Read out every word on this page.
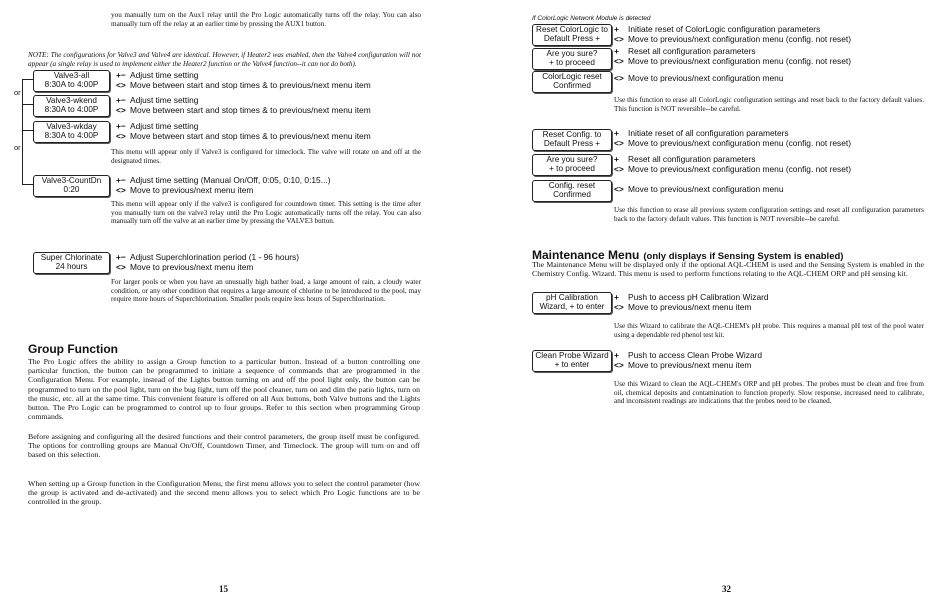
you manually turn on the Aux1 relay until the Pro Logic automatically turns off the relay. You can also manually turn off the relay at an earlier time by pressing the AUX1 button.
NOTE: The configurations for Valve3 and Valve4 are identical. However, if Heater2 was enabled, then the Valve4 configuration will not appear (a single relay is used to implement either the Heater2 function or the Valve4 function--it can not do both).
or
or
Valve3-all
8:30A to 4:00P
+− Adjust time setting
<> Move between start and stop times & to previous/next menu item
Valve3-wkend
8:30A to 4:00P
+− Adjust time setting
<> Move between start and stop times & to previous/next menu item
Valve3-wkday
8:30A to 4:00P
+− Adjust time setting
<> Move between start and stop times & to previous/next menu item
This menu will appear only if Valve3 is configured for timeclock. The valve will rotate on and off at the designated times.
Valve3-CountDn
0:20
+− Adjust time setting (Manual On/Off, 0:05, 0:10, 0:15...)
<> Move to previous/next menu item
This menu will appear only if the valve3 is configured for countdown timer. This setting is the time after you manually turn on the valve3 relay until the Pro Logic automatically turns off the relay. You can also manually turn off the valve at an earlier time by pressing the VALVE3 button.
Super Chlorinate
24 hours
+− Adjust Superchlorination period (1 - 96 hours)
<> Move to previous/next menu item
For larger pools or when you have an unusually high bather load, a large amount of rain, a cloudy water condition, or any other condition that requires a large amount of chlorine to be introduced to the pool, may require more hours of Superchlorination. Smaller pools require less hours of Superchlorination.
Group Function
The Pro Logic offers the ability to assign a Group function to a particular button. Instead of a button controlling one particular function, the button can be programmed to initiate a sequence of commands that are programmed in the Configuration Menu. For example, instead of the Lights button turning on and off the pool light only, the button can be programmed to turn on the pool light, turn on the bug light, turn off the pool cleaner, turn on and dim the patio lights, turn on the music, etc. all at the same time. This convenient feature is offered on all Aux buttons, both Valve buttons and the Lights button. The Pro Logic can be programmed to control up to four groups. Refer to this section when programming Group commands.
Before assigning and configuring all the desired functions and their control parameters, the group itself must be configured. The options for controlling groups are Manual On/Off, Countdown Timer, and Timeclock. The group will turn on and off based on this selection.
When setting up a Group function in the Configuration Menu, the first menu allows you to select the control parameter (how the group is activated and de-activated) and the second menu allows you to select which Pro Logic functions are to be controlled in the group.
15
If ColorLogic Network Module is detected
Reset ColorLogic to
Default Press +
+ Initiate reset of ColorLogic configuration parameters
<> Move to previous/next configuration menu (config. not reset)
Are you sure?
+ to proceed
+ Reset all configuration parameters
<> Move to previous/next configuration menu (config. not reset)
ColorLogic reset
Confirmed
<> Move to previous/next configuration menu
Use this function to erase all ColorLogic configuration settings and reset back to the factory default values. This function is NOT reversible--be careful.
Reset Config. to
Default Press +
+ Initiate reset of all configuration parameters
<> Move to previous/next configuration menu (config. not reset)
Are you sure?
+ to proceed
+ Reset all configuration parameters
<> Move to previous/next configuration menu (config. not reset)
Config. reset
Confirmed
<> Move to previous/next configuration menu
Use this function to erase all previous system configuration settings and reset all configuration parameters back to the factory default values. This function is NOT reversible--be careful.
Maintenance Menu (only displays if Sensing System is enabled)
The Maintenance Menu will be displayed only if the optional AQL-CHEM is used and the Sensing System is enabled in the Chemistry Config. Wizard. This menu is used to perform functions relating to the AQL-CHEM ORP and pH sensing kit.
pH Calibration
Wizard, + to enter
+ Push to access pH Calibration Wizard
<> Move to previous/next menu item
Use this Wizard to calibrate the AQL-CHEM's pH probe. This requires a manual pH test of the pool water using a dependable red phenol test kit.
Clean Probe Wizard
+ to enter
+ Push to access Clean Probe Wizard
<> Move to previous/next menu item
Use this Wizard to clean the AQL-CHEM's ORP and pH probes. The probes must be clean and free from oil, chemical deposits and contamination to function properly. Slow response, increased need to calibrate, and inconsistent readings are indications that the probes need to be cleaned.
32
